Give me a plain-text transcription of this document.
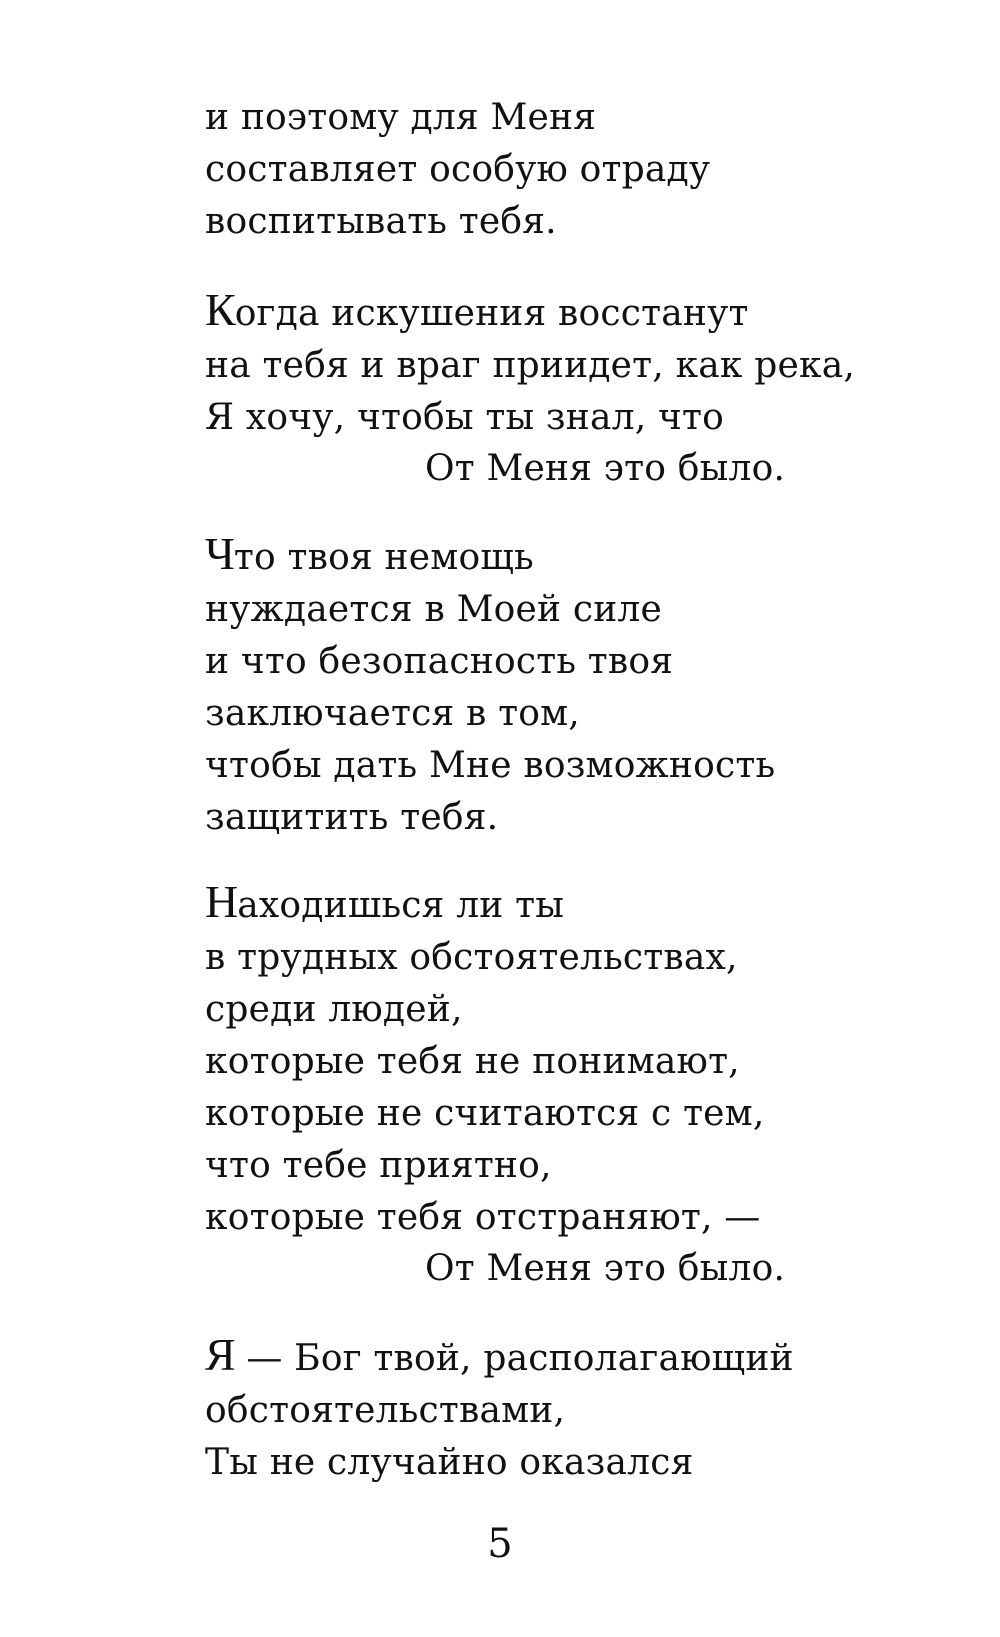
и поэтому для Меня
составляет особую отраду
воспитывать тебя.
Когда искушения восстанут
на тебя и враг приидет, как река,
Я хочу, чтобы ты знал, что
От Меня это было.
Что твоя немощь
нуждается в Моей силе
и что безопасность твоя
заключается в том,
чтобы дать Мне возможность
защитить тебя.
Находишься ли ты
в трудных обстоятельствах,
среди людей,
которые тебя не понимают,
которые не считаются с тем,
что тебе приятно,
которые тебя отстраняют, —
От Меня это было.
Я — Бог твой, располагающий
обстоятельствами,
Ты не случайно оказался
5
